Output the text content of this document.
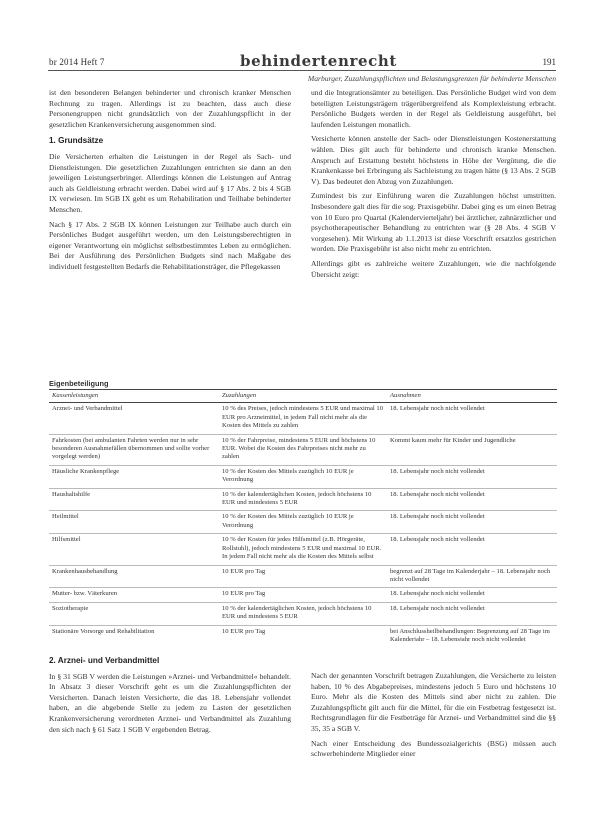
br 2014 Heft 7	behindertenrecht	191
Marburger, Zuzahlungspflichten und Belastungsgrenzen für behinderte Menschen

ist den besonderen Belangen behinderter und chronisch kranker Menschen Rechnung zu tragen. Allerdings ist zu beachten, dass auch diese Personengruppen nicht grundsätzlich von der Zuzahlungspflicht in der gesetzlichen Krankenversicherung ausgenommen sind.

1. Grundsätze

Die Versicherten erhalten die Leistungen in der Regel als Sach- und Dienstleistungen. Die gesetzlichen Zuzahlungen entrichten sie dann an den jeweiligen Leistungserbringer. Allerdings können die Leistungen auf Antrag auch als Geldleistung erbracht werden. Dabei wird auf § 17 Abs. 2 bis 4 SGB IX verwiesen. Im SGB IX geht es um Rehabilitation und Teilhabe behinderter Menschen.

Nach § 17 Abs. 2 SGB IX können Leistungen zur Teilhabe auch durch ein Persönliches Budget ausgeführt werden, um den Leistungsberechtigten in eigener Verantwortung ein möglichst selbstbestimmtes Leben zu ermöglichen. Bei der Ausführung des Persönlichen Budgets sind nach Maßgabe des individuell festgestellten Bedarfs die Rehabilitationsträger, die Pflegekassen

und die Integrationsämter zu beteiligen. Das Persönliche Budget wird von dem beteiligten Leistungsträgern trägerübergreifend als Komplexleistung erbracht. Persönliche Budgets werden in der Regel als Geldleistung ausgeführt, bei laufenden Leistungen monatlich.

Versicherte können anstelle der Sach- oder Dienstleistungen Kostenerstattung wählen. Dies gilt auch für behinderte und chronisch kranke Menschen. Anspruch auf Erstattung besteht höchstens in Höhe der Vergütung, die die Krankenkasse bei Erbringung als Sachleistung zu tragen hätte (§ 13 Abs. 2 SGB V). Das bedeutet den Abzug von Zuzahlungen.

Zumindest bis zur Einführung waren die Zuzahlungen höchst umstritten. Insbesondere galt dies für die sog. Praxisgebühr. Dabei ging es um einen Betrag von 10 Euro pro Quartal (Kalendervierteljahr) bei ärztlicher, zahnärztlicher und psychotherapeutischer Behandlung zu entrichten war (§ 28 Abs. 4 SGB V vorgesehen). Mit Wirkung ab 1.1.2013 ist diese Vorschrift ersatzlos gestrichen worden. Die Praxisgebühr ist also nicht mehr zu entrichten.

Allerdings gibt es zahlreiche weitere Zuzahlungen, wie die nachfolgende Übersicht zeigt:

Eigenbeteiligung
Kassenleistungen	Zuzahlungen	Ausnahmen
Arznei- und Verbandmittel	10 % des Preises, jedoch mindestens 5 EUR und maximal 10 EUR pro Arzneimittel, in jedem Fall nicht mehr als die Kosten des Mittels zu zahlen	18. Lebensjahr noch nicht vollendet
Fahrkosten (bei ambulanten Fahrten werden nur in sehr besonderen Ausnahmefällen übernommen und sollte vorher vorgelegt werden)	10 % der Fahrpreise, mindestens 5 EUR und höchstens 10 EUR. Wobei die Kosten des Fahrpreises nicht mehr zu zahlen	Kommt kaum mehr für Kinder und Jugendliche
Häusliche Krankenpflege	10 % der Kosten des Mittels zuzüglich 10 EUR je Verordnung	18. Lebensjahr noch nicht vollendet
Haushaltshilfe	10 % der kalendertäglichen Kosten, jedoch höchstens 10 EUR und mindestens 5 EUR	18. Lebensjahr noch nicht vollendet
Heilmittel	10 % der Kosten des Mittels zuzüglich 10 EUR je Verordnung	18. Lebensjahr noch nicht vollendet
Hilfsmittel	10 % der Kosten für jedes Hilfsmittel (z.B. Hörgeräte, Rollstuhl), jedoch mindestens 5 EUR und maximal 10 EUR. In jedem Fall nicht mehr als die Kosten des Mittels selbst	18. Lebensjahr noch nicht vollendet
Krankenhausbehandlung	10 EUR pro Tag	begrenzt auf 28 Tage im Kalenderjahr – 18. Lebensjahr noch nicht vollendet
Mutter- bzw. Väterkuren	10 EUR pro Tag	18. Lebensjahr noch nicht vollendet
Soziotherapie	10 % der kalendertäglichen Kosten, jedoch höchstens 10 EUR und mindestens 5 EUR	18. Lebensjahr noch nicht vollendet
Stationäre Vorsorge und Rehabilitation	10 EUR pro Tag	bei Anschlussheilbehandlungen: Begrenzung auf 28 Tage im Kalenderjahr – 18. Lebensjahr noch nicht vollendet
2. Arznei- und Verbandmittel

In § 31 SGB V werden die Leistungen »Arznei- und Verbandmittel« behandelt. In Absatz 3 dieser Vorschrift geht es um die Zuzahlungspflichten der Versicherten. Danach leisten Versicherte, die das 18. Lebensjahr vollendet haben, an die abgebende Stelle zu jedem zu Lasten der gesetzlichen Krankenversicherung verordneten Arznei- und Verbandmittel als Zuzahlung den sich nach § 61 Satz 1 SGB V ergebenden Betrag.

Nach der genannten Vorschrift betragen Zuzahlungen, die Versicherte zu leisten haben, 10 % des Abgabepreises, mindestens jedoch 5 Euro und höchstens 10 Euro. Mehr als die Kosten des Mittels sind aber nicht zu zahlen. Die Zuzahlungspflicht gilt auch für die Mittel, für die ein Festbetrag festgesetzt ist. Rechtsgrundlagen für die Festbeträge für Arznei- und Verbandmittel sind die §§ 35, 35 a SGB V.

Nach einer Entscheidung des Bundessozialgerichts (BSG) müssen auch schwerbehinderte Mitglieder einer
